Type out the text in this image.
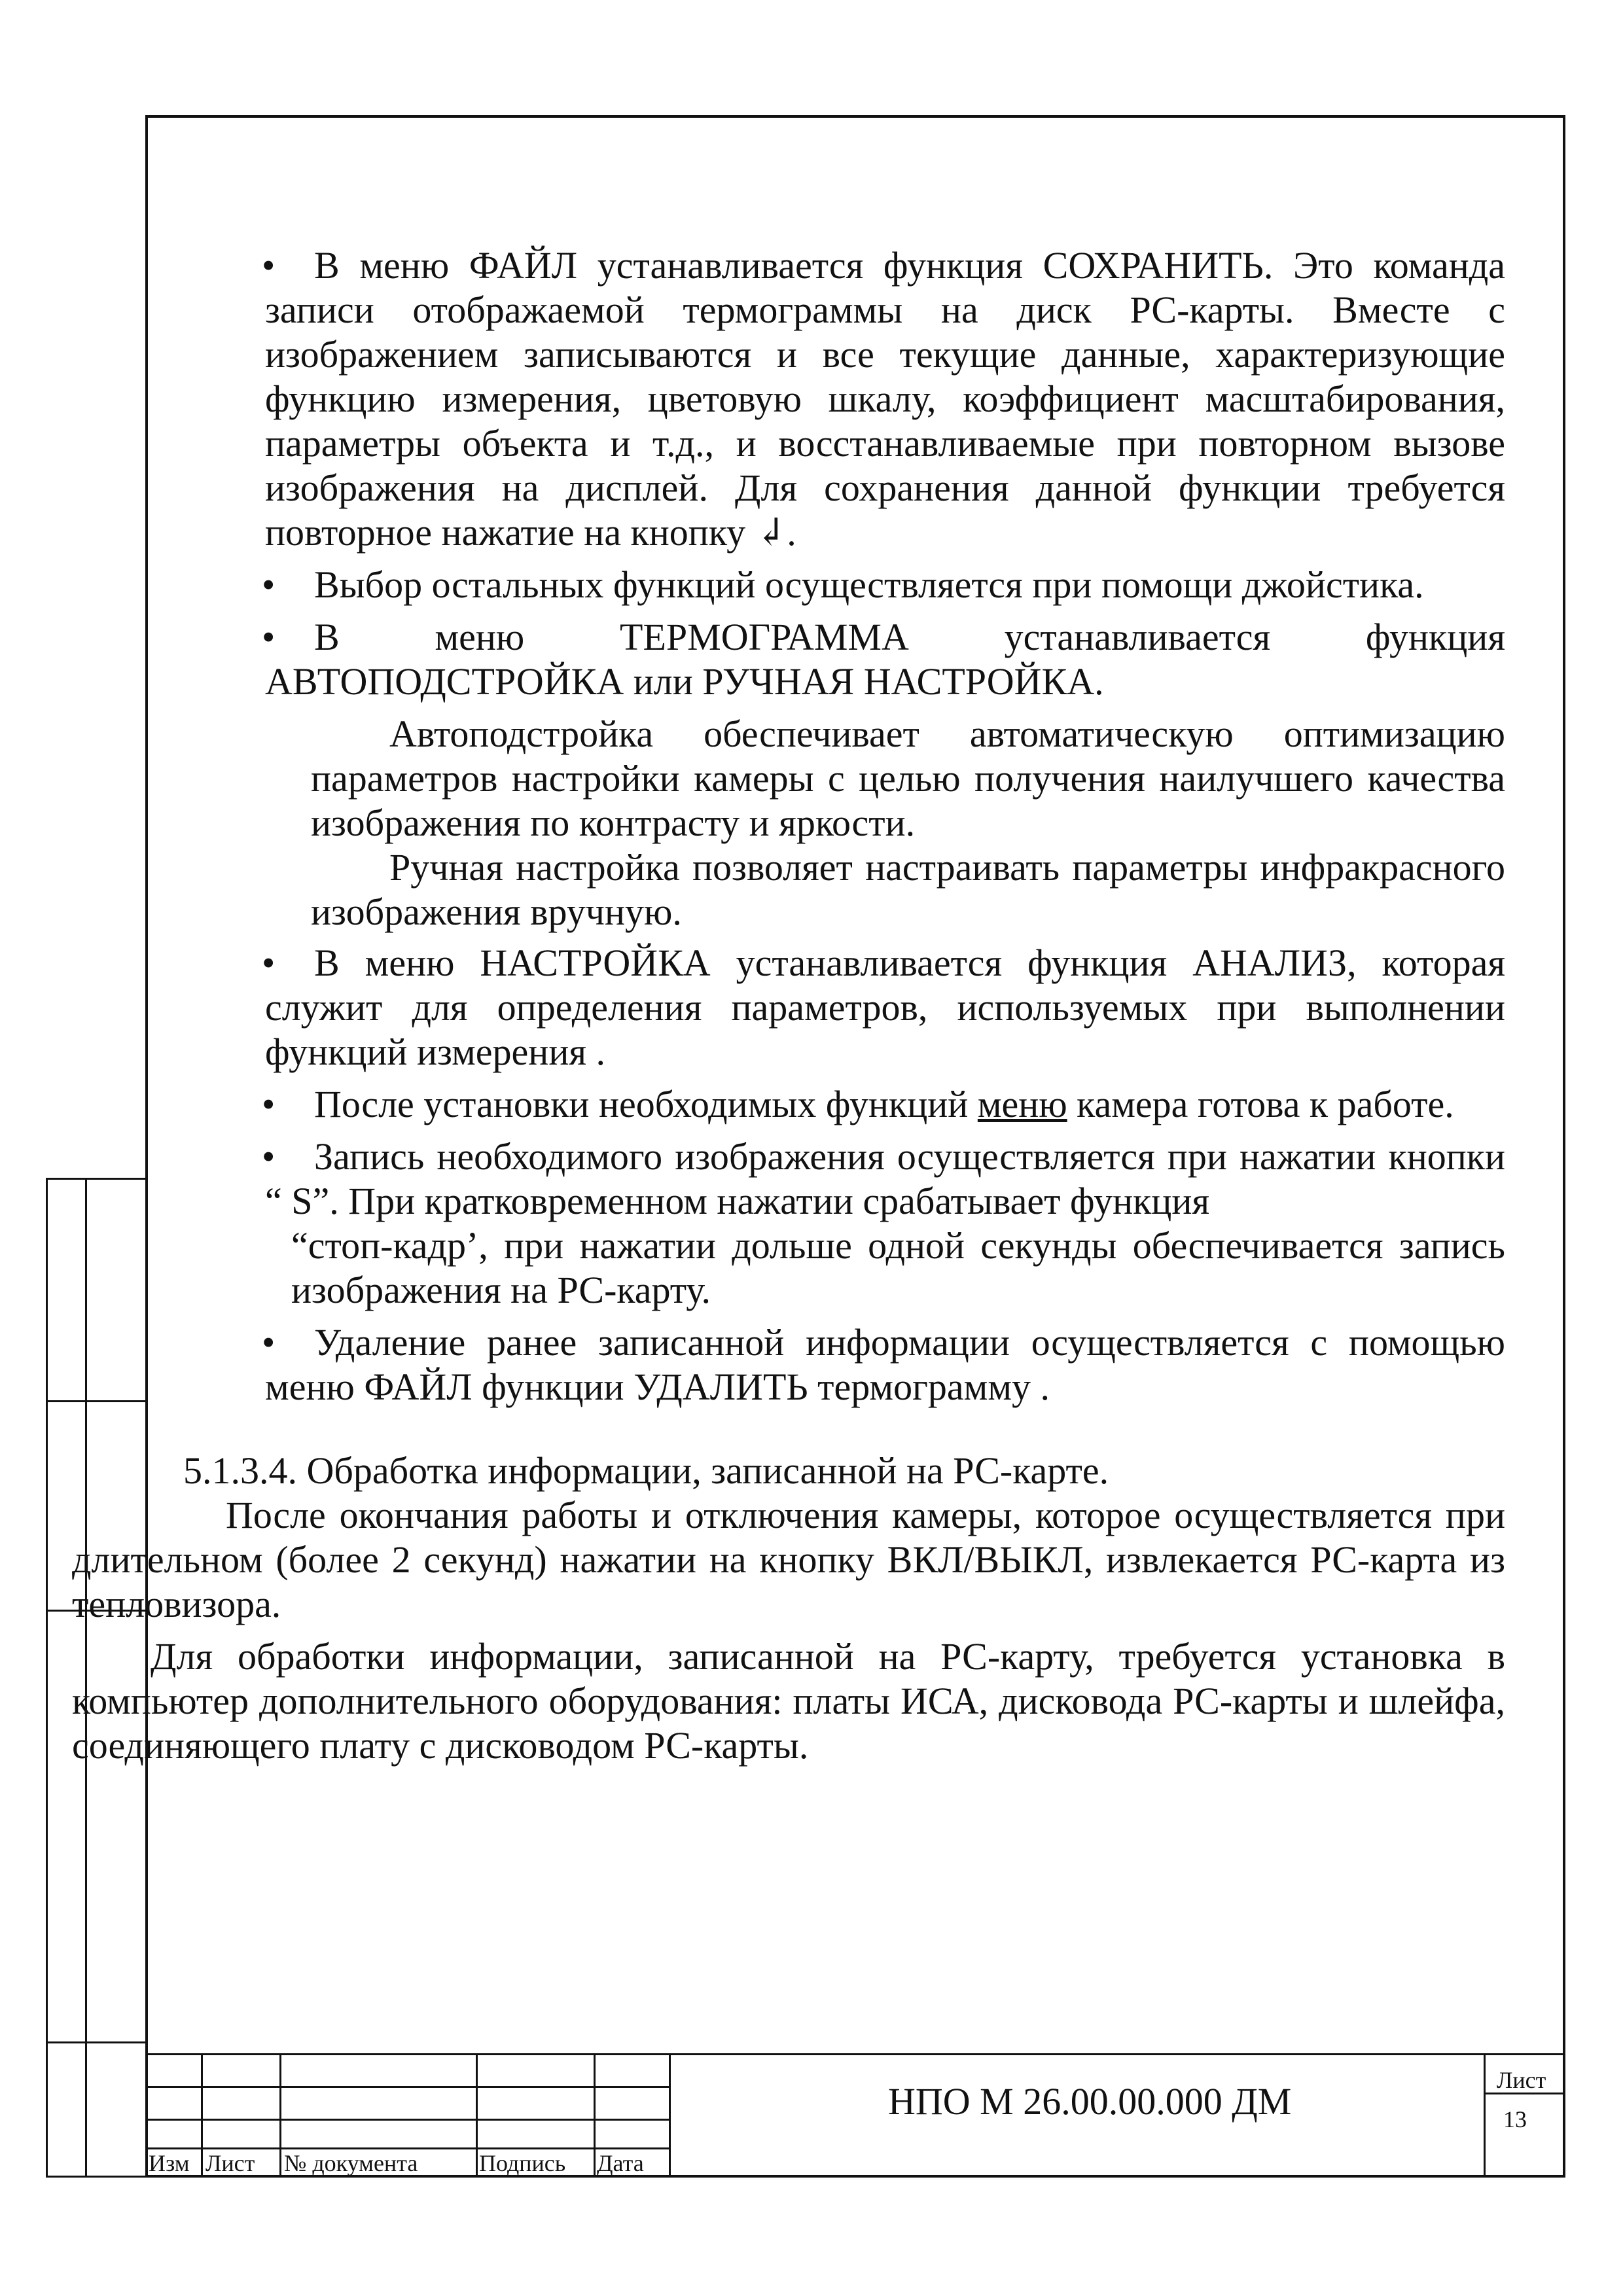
•	В меню ФАЙЛ устанавливается функция СОХРАНИТЬ. Это команда записи отображаемой термограммы на диск РС-карты. Вместе с изображением записываются и все текущие данные, характеризующие функцию измерения, цветовую шкалу, коэффициент масштабирования, параметры объекта и т.д., и восстанавливаемые при повторном вызове изображения на дисплей. Для сохранения данной функции требуется повторное нажатие на кнопку ↲.
•	Выбор остальных функций осуществляется при помощи джойстика.
•	В меню ТЕРМОГРАММА устанавливается функция АВТОПОДСТРОЙКА или РУЧНАЯ НАСТРОЙКА.
Автоподстройка обеспечивает автоматическую оптимизацию параметров настройки камеры с целью получения наилучшего качества изображения по контрасту и яркости.
Ручная настройка позволяет настраивать параметры инфракрасного изображения вручную.
•	В меню НАСТРОЙКА устанавливается функция АНАЛИЗ, которая служит для определения параметров, используемых при выполнении функций измерения .
•	После установки необходимых функций меню камера готова к работе.
•	Запись необходимого изображения осуществляется при нажатии кнопки “ S”. При кратковременном нажатии срабатывает функция
“стоп-кадр’, при нажатии дольше одной секунды обеспечивается запись изображения на РС-карту.
•	Удаление ранее записанной информации осуществляется с помощью меню ФАЙЛ функции УДАЛИТЬ термограмму .
5.1.3.4. Обработка информации, записанной на РС-карте.
После окончания работы и отключения камеры, которое осуществляется при длительном (более 2 секунд) нажатии на кнопку ВКЛ/ВЫКЛ, извлекается РС-карта из тепловизора.
Для обработки информации, записанной на РС-карту, требуется установка в компьютер дополнительного оборудования: платы ИСА, дисковода РС-карты и шлейфа, соединяющего плату с дисководом РС-карты.
Изм Лист № документа	Подпись Дата
НПО М 26.00.00.000 ДМ	Лист
13
